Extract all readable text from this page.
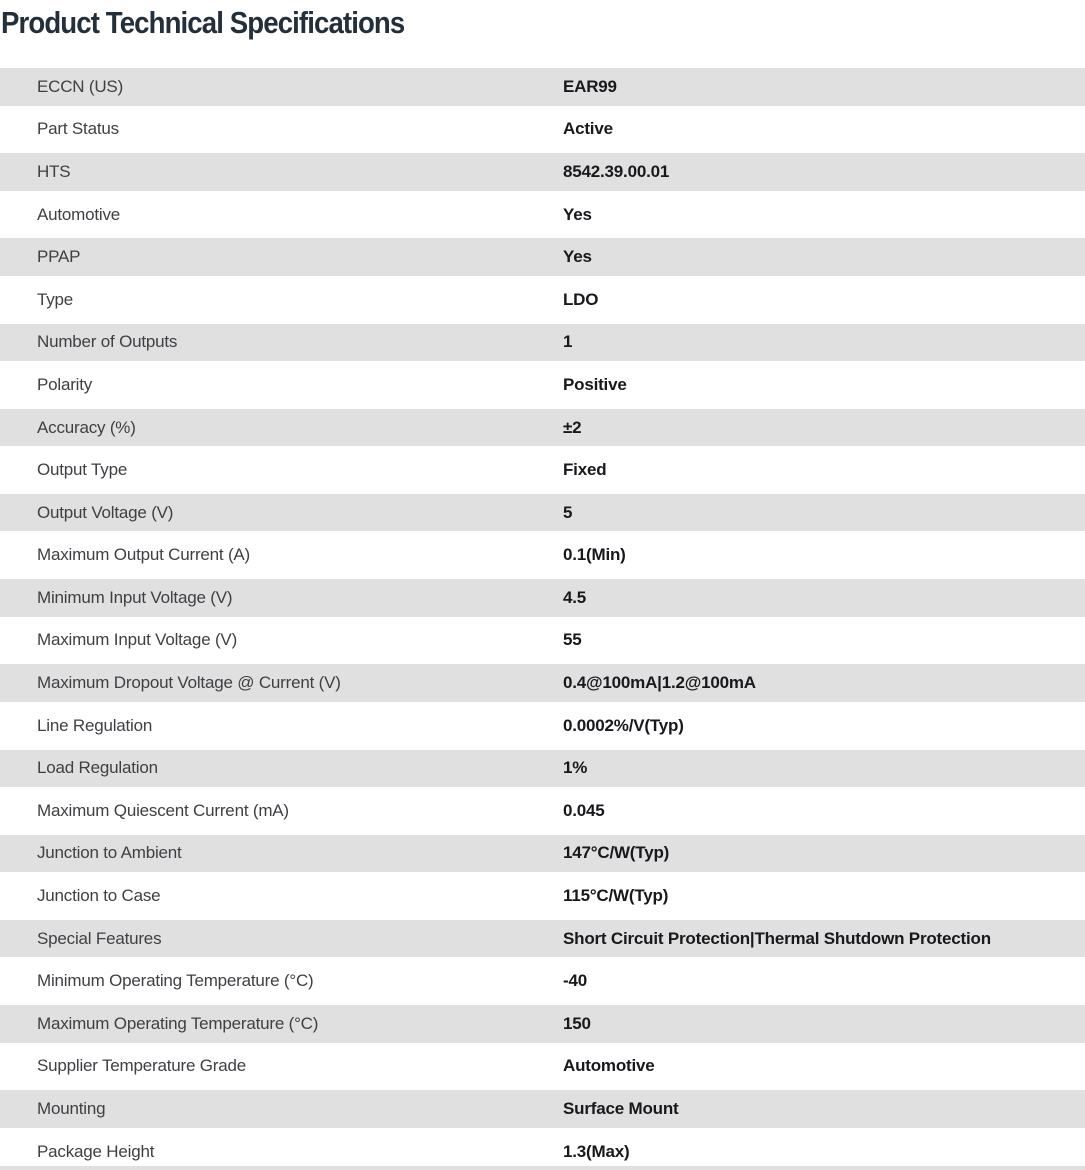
Product Technical Specifications
ECCN (US)	EAR99
Part Status	Active
HTS	8542.39.00.01
Automotive	Yes
PPAP	Yes
Type	LDO
Number of Outputs	1
Polarity	Positive
Accuracy (%)	±2
Output Type	Fixed
Output Voltage (V)	5
Maximum Output Current (A)	0.1(Min)
Minimum Input Voltage (V)	4.5
Maximum Input Voltage (V)	55
Maximum Dropout Voltage @ Current (V)	0.4@100mA|1.2@100mA
Line Regulation	0.0002%/V(Typ)
Load Regulation	1%
Maximum Quiescent Current (mA)	0.045
Junction to Ambient	147°C/W(Typ)
Junction to Case	115°C/W(Typ)
Special Features	Short Circuit Protection|Thermal Shutdown Protection
Minimum Operating Temperature (°C)	-40
Maximum Operating Temperature (°C)	150
Supplier Temperature Grade	Automotive
Mounting	Surface Mount
Package Height	1.3(Max)
